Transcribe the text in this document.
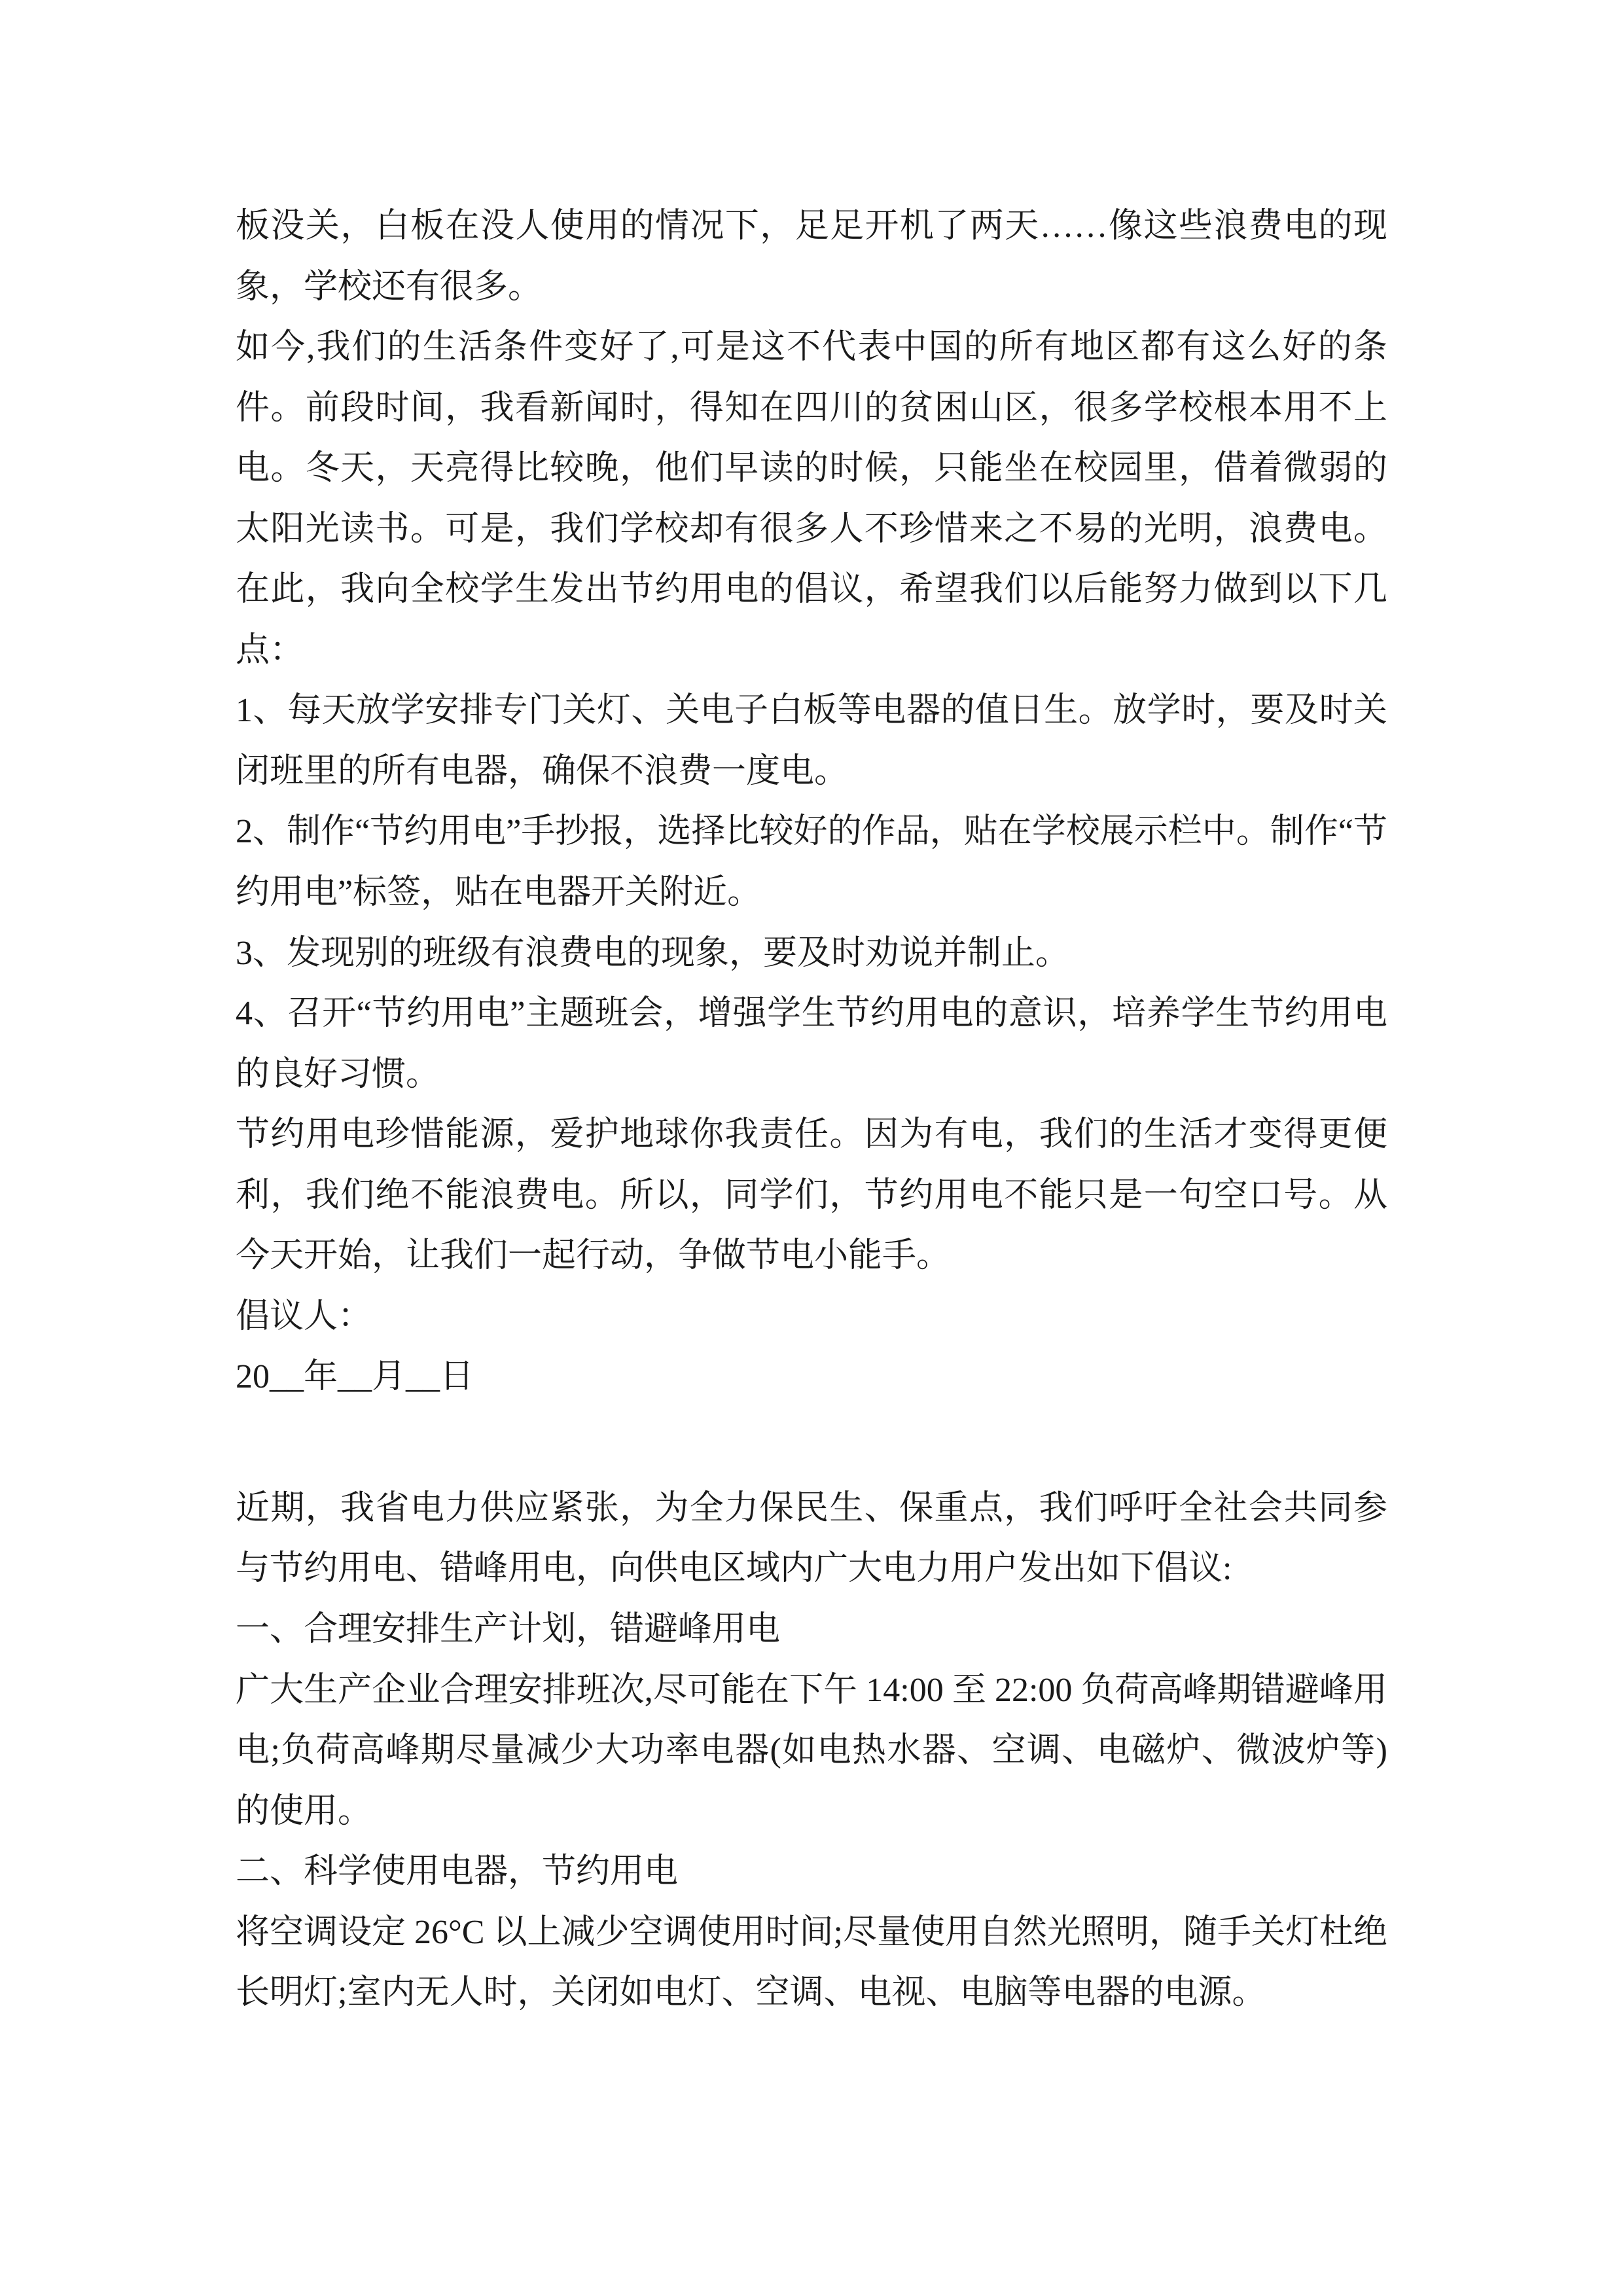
板没关，白板在没人使用的情况下，足足开机了两天……像这些浪费电的现象，学校还有很多。

如今,我们的生活条件变好了,可是这不代表中国的所有地区都有这么好的条件。前段时间，我看新闻时，得知在四川的贫困山区，很多学校根本用不上电。冬天，天亮得比较晚，他们早读的时候，只能坐在校园里，借着微弱的太阳光读书。可是，我们学校却有很多人不珍惜来之不易的光明，浪费电。在此，我向全校学生发出节约用电的倡议，希望我们以后能努力做到以下几点：

1、每天放学安排专门关灯、关电子白板等电器的值日生。放学时，要及时关闭班里的所有电器，确保不浪费一度电。

2、制作“节约用电”手抄报，选择比较好的作品，贴在学校展示栏中。制作“节约用电”标签，贴在电器开关附近。

3、发现别的班级有浪费电的现象，要及时劝说并制止。

4、召开“节约用电”主题班会，增强学生节约用电的意识，培养学生节约用电的良好习惯。

节约用电珍惜能源，爱护地球你我责任。因为有电，我们的生活才变得更便利，我们绝不能浪费电。所以，同学们，节约用电不能只是一句空口号。从今天开始，让我们一起行动，争做节电小能手。

倡议人：

20__年__月__日

近期，我省电力供应紧张，为全力保民生、保重点，我们呼吁全社会共同参与节约用电、错峰用电，向供电区域内广大电力用户发出如下倡议:

一、合理安排生产计划，错避峰用电

广大生产企业合理安排班次,尽可能在下午 14:00 至 22:00 负荷高峰期错避峰用电;负荷高峰期尽量减少大功率电器(如电热水器、空调、电磁炉、微波炉等)的使用。

二、科学使用电器，节约用电

将空调设定 26°C 以上减少空调使用时间;尽量使用自然光照明，随手关灯杜绝长明灯;室内无人时，关闭如电灯、空调、电视、电脑等电器的电源。
